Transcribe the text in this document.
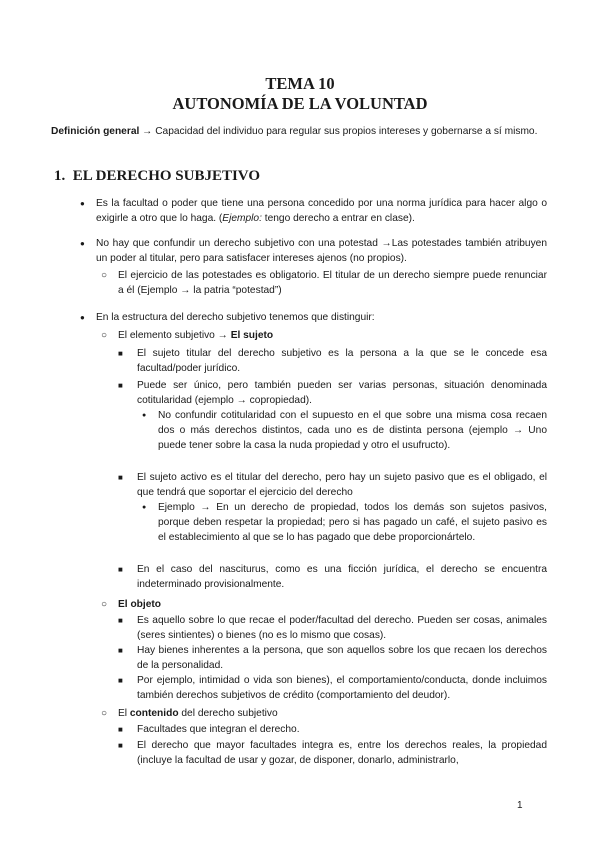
TEMA 10
AUTONOMÍA DE LA VOLUNTAD
Definición general → Capacidad del individuo para regular sus propios intereses y gobernarse a sí mismo.
1. EL DERECHO SUBJETIVO
● Es la facultad o poder que tiene una persona concedido por una norma jurídica para hacer algo o exigirle a otro que lo haga. (Ejemplo: tengo derecho a entrar en clase).
● No hay que confundir un derecho subjetivo con una potestad →Las potestades también atribuyen un poder al titular, pero para satisfacer intereses ajenos (no propios).
○ El ejercicio de las potestades es obligatorio. El titular de un derecho siempre puede renunciar a él (Ejemplo → la patria “potestad”)
● En la estructura del derecho subjetivo tenemos que distinguir:
○ El elemento subjetivo → El sujeto
■ El sujeto titular del derecho subjetivo es la persona a la que se le concede esa facultad/poder jurídico.
■ Puede ser único, pero también pueden ser varias personas, situación denominada cotitularidad (ejemplo → copropiedad).
● No confundir cotitularidad con el supuesto en el que sobre una misma cosa recaen dos o más derechos distintos, cada uno es de distinta persona (ejemplo → Uno puede tener sobre la casa la nuda propiedad y otro el usufructo).
■ El sujeto activo es el titular del derecho, pero hay un sujeto pasivo que es el obligado, el que tendrá que soportar el ejercicio del derecho
● Ejemplo → En un derecho de propiedad, todos los demás son sujetos pasivos, porque deben respetar la propiedad; pero si has pagado un café, el sujeto pasivo es el establecimiento al que se lo has pagado que debe proporcionártelo.
■ En el caso del nasciturus, como es una ficción jurídica, el derecho se encuentra indeterminado provisionalmente.
○ El objeto
■ Es aquello sobre lo que recae el poder/facultad del derecho. Pueden ser cosas, animales (seres sintientes) o bienes (no es lo mismo que cosas).
■ Hay bienes inherentes a la persona, que son aquellos sobre los que recaen los derechos de la personalidad.
■ Por ejemplo, intimidad o vida son bienes), el comportamiento/conducta, donde incluimos también derechos subjetivos de crédito (comportamiento del deudor).
○ El contenido del derecho subjetivo
■ Facultades que integran el derecho.
■ El derecho que mayor facultades integra es, entre los derechos reales, la propiedad (incluye la facultad de usar y gozar, de disponer, donarlo, administrarlo,
1
